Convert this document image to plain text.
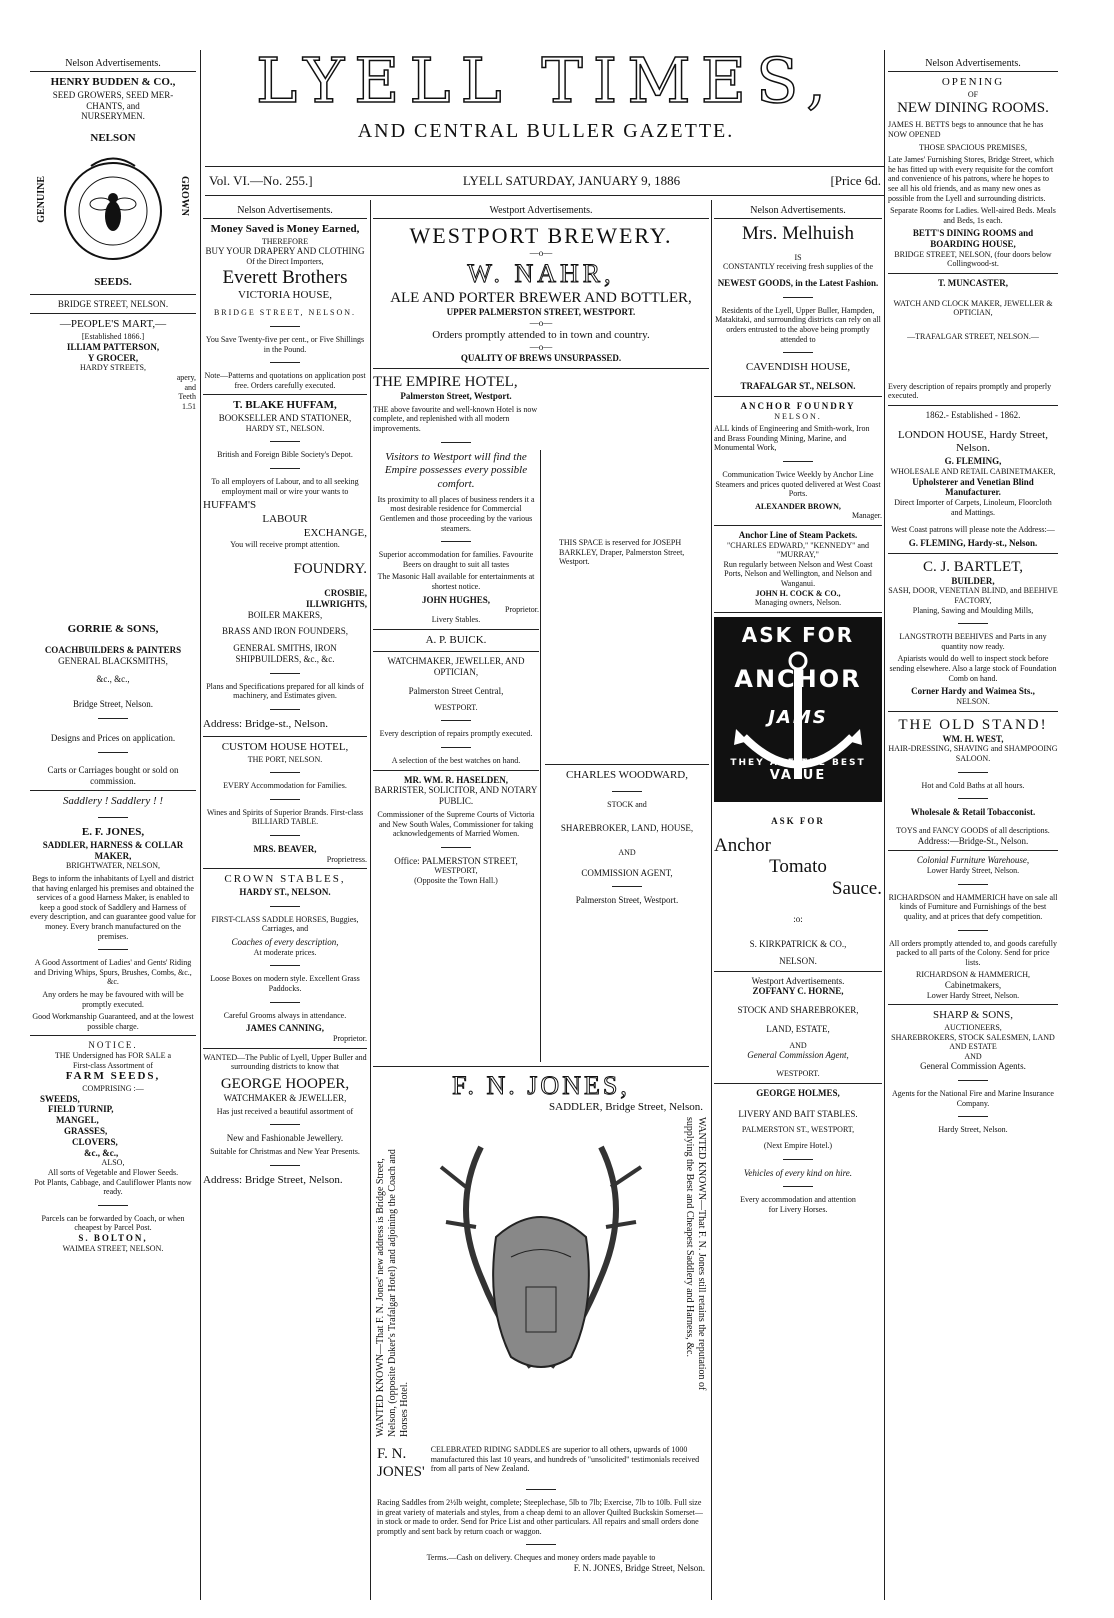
LYELL TIMES,
AND CENTRAL BULLER GAZETTE.
Vol. VI.—No. 255.]	LYELL SATURDAY, JANUARY 9, 1886	[Price 6d.
Nelson Advertisements.
HENRY BUDDEN & CO.,
SEED GROWERS, SEED MER-
CHANTS, and
NURSERYMEN.
NELSON
GENUINE	GROWN
SEEDS.
BRIDGE STREET, NELSON.
—PEOPLE'S MART,—
[Established 1866.]
ILLIAM PATTERSON,
Y GROCER,
HARDY STREETS,
apery,
and
Teeth
1.51
GORRIE & SONS,
COACHBUILDERS & PAINTERS
GENERAL BLACKSMITHS,
&c., &c.,
Bridge Street, Nelson.
Designs and Prices on application.
Carts or Carriages bought or sold on
commission.
Saddlery ! Saddlery ! !
E. F. JONES,
SADDLER, HARNESS & COLLAR
MAKER,
BRIGHTWATER, NELSON,
Begs to inform the inhabitants of Lyell and district that having enlarged his premises and obtained the services of a good Harness Maker, is enabled to keep a good stock of Saddlery and Harness of every description, and can guarantee good value for money. Every branch manufactured on the premises.
A Good Assortment of Ladies' and Gents' Riding and Driving Whips, Spurs, Brushes, Combs, &c., &c.
Any orders he may be favoured with will be promptly executed.
Good Workmanship Guaranteed, and at the lowest possible charge.
NOTICE.
THE Undersigned has FOR SALE a
First-class Assortment of
FARM SEEDS,
COMPRISING :—
SWEEDS,
FIELD TURNIP,
MANGEL,
GRASSES,
CLOVERS,
&c., &c.,
ALSO,
All sorts of Vegetable and Flower Seeds.
Pot Plants, Cabbage, and Cauliflower Plants now ready.
Parcels can be forwarded by Coach, or when cheapest by Parcel Post.
S. BOLTON,
WAIMEA STREET, NELSON.
Nelson Advertisements.
Money Saved is Money Earned,
THEREFORE
BUY YOUR DRAPERY AND CLOTHING
Of the Direct Importers,
Everett Brothers
VICTORIA HOUSE,
BRIDGE STREET, NELSON.
You Save Twenty-five per cent., or Five Shillings in the Pound.
Note—Patterns and quotations on application post free. Orders carefully executed.
T. BLAKE HUFFAM,
BOOKSELLER AND STATIONER,
HARDY ST., NELSON.
British and Foreign Bible Society's Depot.
To all employers of Labour, and to all seeking employment mail or wire your wants to
HUFFAM'S
LABOUR
EXCHANGE,
You will receive prompt attention.
FOUNDRY.
CROSBIE,
ILLWRIGHTS,
BOILER MAKERS,
BRASS AND IRON FOUNDERS,
GENERAL SMITHS, IRON SHIPBUILDERS, &c., &c.
Plans and Specifications prepared for all kinds of machinery, and Estimates given.
Address: Bridge-st., Nelson.
CUSTOM HOUSE HOTEL,
THE PORT, NELSON.
EVERY Accommodation for Families.
Wines and Spirits of Superior Brands. First-class BILLIARD TABLE.
MRS. BEAVER,
Proprietress.
CROWN STABLES,
HARDY ST., NELSON.
FIRST-CLASS SADDLE HORSES, Buggies, Carriages, and
Coaches of every description,
At moderate prices.
Loose Boxes on modern style. Excellent Grass Paddocks.
Careful Grooms always in attendance.
JAMES CANNING,
Proprietor.
WANTED—The Public of Lyell, Upper Buller and surrounding districts to know that
GEORGE HOOPER,
WATCHMAKER & JEWELLER,
Has just received a beautiful assortment of
New and Fashionable Jewellery.
Suitable for Christmas and New Year Presents.
Address: Bridge Street, Nelson.
Westport Advertisements.
WESTPORT BREWERY.
—o—
W. NAHR,
ALE AND PORTER BREWER AND BOTTLER,
UPPER PALMERSTON STREET, WESTPORT.
—o—
Orders promptly attended to in town and country.
—o—
QUALITY OF BREWS UNSURPASSED.
THE EMPIRE HOTEL,
Palmerston Street, Westport.
THE above favourite and well-known Hotel is now complete, and replenished with all modern improvements.
Visitors to Westport will find the Empire possesses every possible comfort.
Its proximity to all places of business renders it a most desirable residence for Commercial Gentlemen and those proceeding by the various steamers.
Superior accommodation for families. Favourite Beers on draught to suit all tastes
The Masonic Hall available for entertainments at shortest notice.
JOHN HUGHES,
Proprietor.
Livery Stables.
A. P. BUICK.
WATCHMAKER, JEWELLER, AND OPTICIAN,
Palmerston Street Central,
WESTPORT.
Every description of repairs promptly executed.
A selection of the best watches on hand.
MR. WM. R. HASELDEN,
BARRISTER, SOLICITOR, AND NOTARY PUBLIC.
Commissioner of the Supreme Courts of Victoria and New South Wales, Commissioner for taking acknowledgements of Married Women.
Office: PALMERSTON STREET,
WESTPORT,
(Opposite the Town Hall.)
THIS SPACE is reserved for JOSEPH BARKLEY, Draper, Palmerston Street, Westport.
CHARLES WOODWARD,
STOCK and
SHAREBROKER, LAND, HOUSE,
AND
COMMISSION AGENT,
Palmerston Street, Westport.
F. N. JONES,
SADDLER, Bridge Street, Nelson.
WANTED KNOWN—That F. N. Jones' new address is Bridge Street, Nelson, (opposite Duker's Trafalgar Hotel) and adjoining the Coach and Horses Hotel.
WANTED KNOWN—That F. N. Jones still retains the reputation of supplying the Best and Cheapest Saddlery and Harness, &c.
F. N. JONES'
CELEBRATED RIDING SADDLES are superior to all others, upwards of 1000 manufactured this last 10 years, and hundreds of "unsolicited" testimonials received from all parts of New Zealand.
Racing Saddles from 2½lb weight, complete; Steeplechase, 5lb to 7lb; Exercise, 7lb to 10lb. Full size in great variety of materials and styles, from a cheap demi to an allover Quilted Buckskin Somerset—in stock or made to order. Send for Price List and other particulars. All repairs and small orders done promptly and sent back by return coach or waggon.
Terms.—Cash on delivery. Cheques and money orders made payable to
F. N. JONES, Bridge Street, Nelson.
Nelson Advertisements.
Mrs. Melhuish
IS
CONSTANTLY receiving fresh supplies of the
NEWEST GOODS, in the Latest Fashion.
Residents of the Lyell, Upper Buller, Hampden, Matakitaki, and surrounding districts can rely on all orders entrusted to the above being promptly attended to
CAVENDISH HOUSE,
TRAFALGAR ST., NELSON.
ANCHOR FOUNDRY
NELSON.
ALL kinds of Engineering and Smith-work, Iron and Brass Founding Mining, Marine, and Monumental Work,
Communication Twice Weekly by Anchor Line Steamers and prices quoted delivered at West Coast Ports.
ALEXANDER BROWN,
Manager.
Anchor Line of Steam Packets.
"CHARLES EDWARD," "KENNEDY" and "MURRAY,"
Run regularly between Nelson and West Coast Ports, Nelson and Wellington, and Nelson and Wanganui.
JOHN H. COCK & CO.,
Managing owners, Nelson.
ASK FOR
ANCHOR
JAMS
THEY ARE THE BEST
VALUE
ASK FOR
Anchor
Tomato
Sauce.
:o:
S. KIRKPATRICK & CO.,
NELSON.
Westport Advertisements.
ZOFFANY C. HORNE,
STOCK AND SHAREBROKER,
LAND, ESTATE,
AND
General Commission Agent,
WESTPORT.
GEORGE HOLMES,
LIVERY AND BAIT STABLES.
PALMERSTON ST., WESTPORT,
(Next Empire Hotel.)
Vehicles of every kind on hire.
Every accommodation and attention
for Livery Horses.
Nelson Advertisements.
OPENING
OF
NEW DINING ROOMS.
JAMES H. BETTS begs to announce that he has NOW OPENED
THOSE SPACIOUS PREMISES,
Late James' Furnishing Stores, Bridge Street, which he has fitted up with every requisite for the comfort and convenience of his patrons, where he hopes to see all his old friends, and as many new ones as possible from the Lyell and surrounding districts.
Separate Rooms for Ladies. Well-aired Beds. Meals and Beds, 1s each.
BETT'S DINING ROOMS and BOARDING HOUSE,
BRIDGE STREET, NELSON, (four doors below Collingwood-st.
T. MUNCASTER,
WATCH AND CLOCK MAKER, JEWELLER & OPTICIAN,
—TRAFALGAR STREET, NELSON.—
Every description of repairs promptly and properly executed.
1862.- Established - 1862.
LONDON HOUSE, Hardy Street, Nelson.
G. FLEMING,
WHOLESALE AND RETAIL CABINETMAKER,
Upholsterer and Venetian Blind Manufacturer.
Direct Importer of Carpets, Linoleum, Floorcloth and Mattings.
West Coast patrons will please note the Address:—
G. FLEMING, Hardy-st., Nelson.
C. J. BARTLET,
BUILDER,
SASH, DOOR, VENETIAN BLIND, and BEEHIVE FACTORY,
Planing, Sawing and Moulding Mills,
LANGSTROTH BEEHIVES and Parts in any quantity now ready.
Apiarists would do well to inspect stock before sending elsewhere. Also a large stock of Foundation Comb on hand.
Corner Hardy and Waimea Sts.,
NELSON.
THE OLD STAND!
WM. H. WEST,
HAIR-DRESSING, SHAVING and SHAMPOOING SALOON.
Hot and Cold Baths at all hours.
Wholesale & Retail Tobacconist.
TOYS and FANCY GOODS of all descriptions.
Address:—Bridge-St., Nelson.
Colonial Furniture Warehouse,
Lower Hardy Street, Nelson.
RICHARDSON and HAMMERICH have on sale all kinds of Furniture and Furnishings of the best quality, and at prices that defy competition.
All orders promptly attended to, and goods carefully packed to all parts of the Colony. Send for price lists.
RICHARDSON & HAMMERICH,
Cabinetmakers,
Lower Hardy Street, Nelson.
SHARP & SONS,
AUCTIONEERS,
SHAREBROKERS, STOCK SALESMEN, LAND AND ESTATE
AND
General Commission Agents.
Agents for the National Fire and Marine Insurance Company.
Hardy Street, Nelson.
